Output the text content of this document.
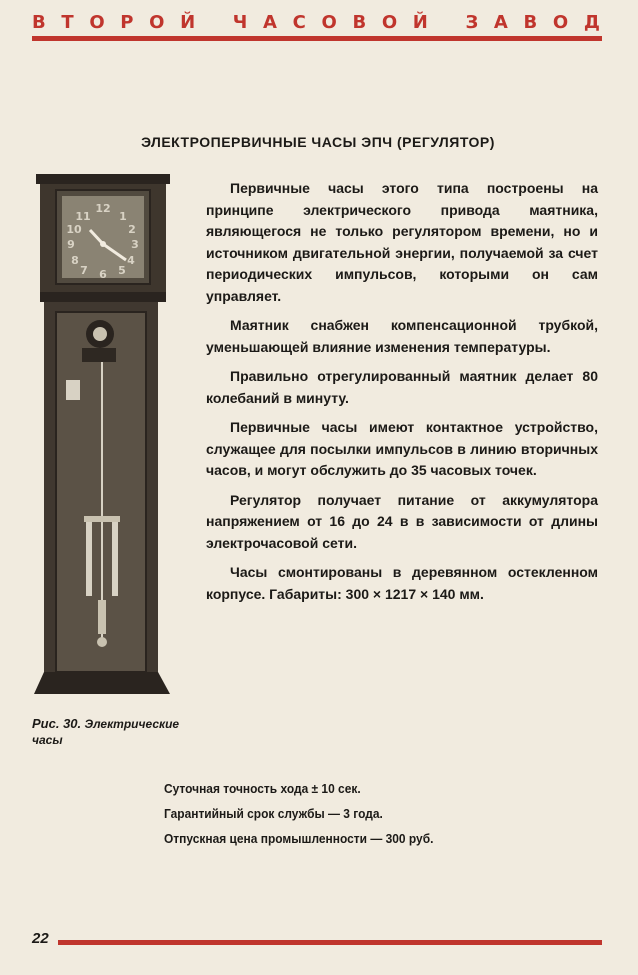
В Т О Р О Й
Ч А С О В О Й
З А В О Д
ЭЛЕКТРОПЕРВИЧНЫЕ ЧАСЫ ЭПЧ (РЕГУЛЯТОР)
12
1
2
3
4
5
6
7
8
9
10
11
Рис. 30. Электрические часы

Первичные часы этого типа построены на принципе электрического привода маятника, являющегося не только регулятором времени, но и источником двигательной энергии, получаемой за счет периодических импульсов, которыми он сам управляет.

Маятник снабжен компенсационной трубкой, уменьшающей влияние изменения температуры.

Правильно отрегулированный маятник делает 80 колебаний в минуту.

Первичные часы имеют контактное устройство, служащее для посылки импульсов в линию вторичных часов, и могут обслужить до 35 часовых точек.

Регулятор получает питание от аккумулятора напряжением от 16 до 24 в в зависимости от длины электрочасовой сети.

Часы смонтированы в деревянном остекленном корпусе. Габариты: 300 × 1217 × 140 мм.

Суточная точность хода ± 10 сек.
Гарантийный срок службы — 3 года.
Отпускная цена промышленности — 300 руб.
22
